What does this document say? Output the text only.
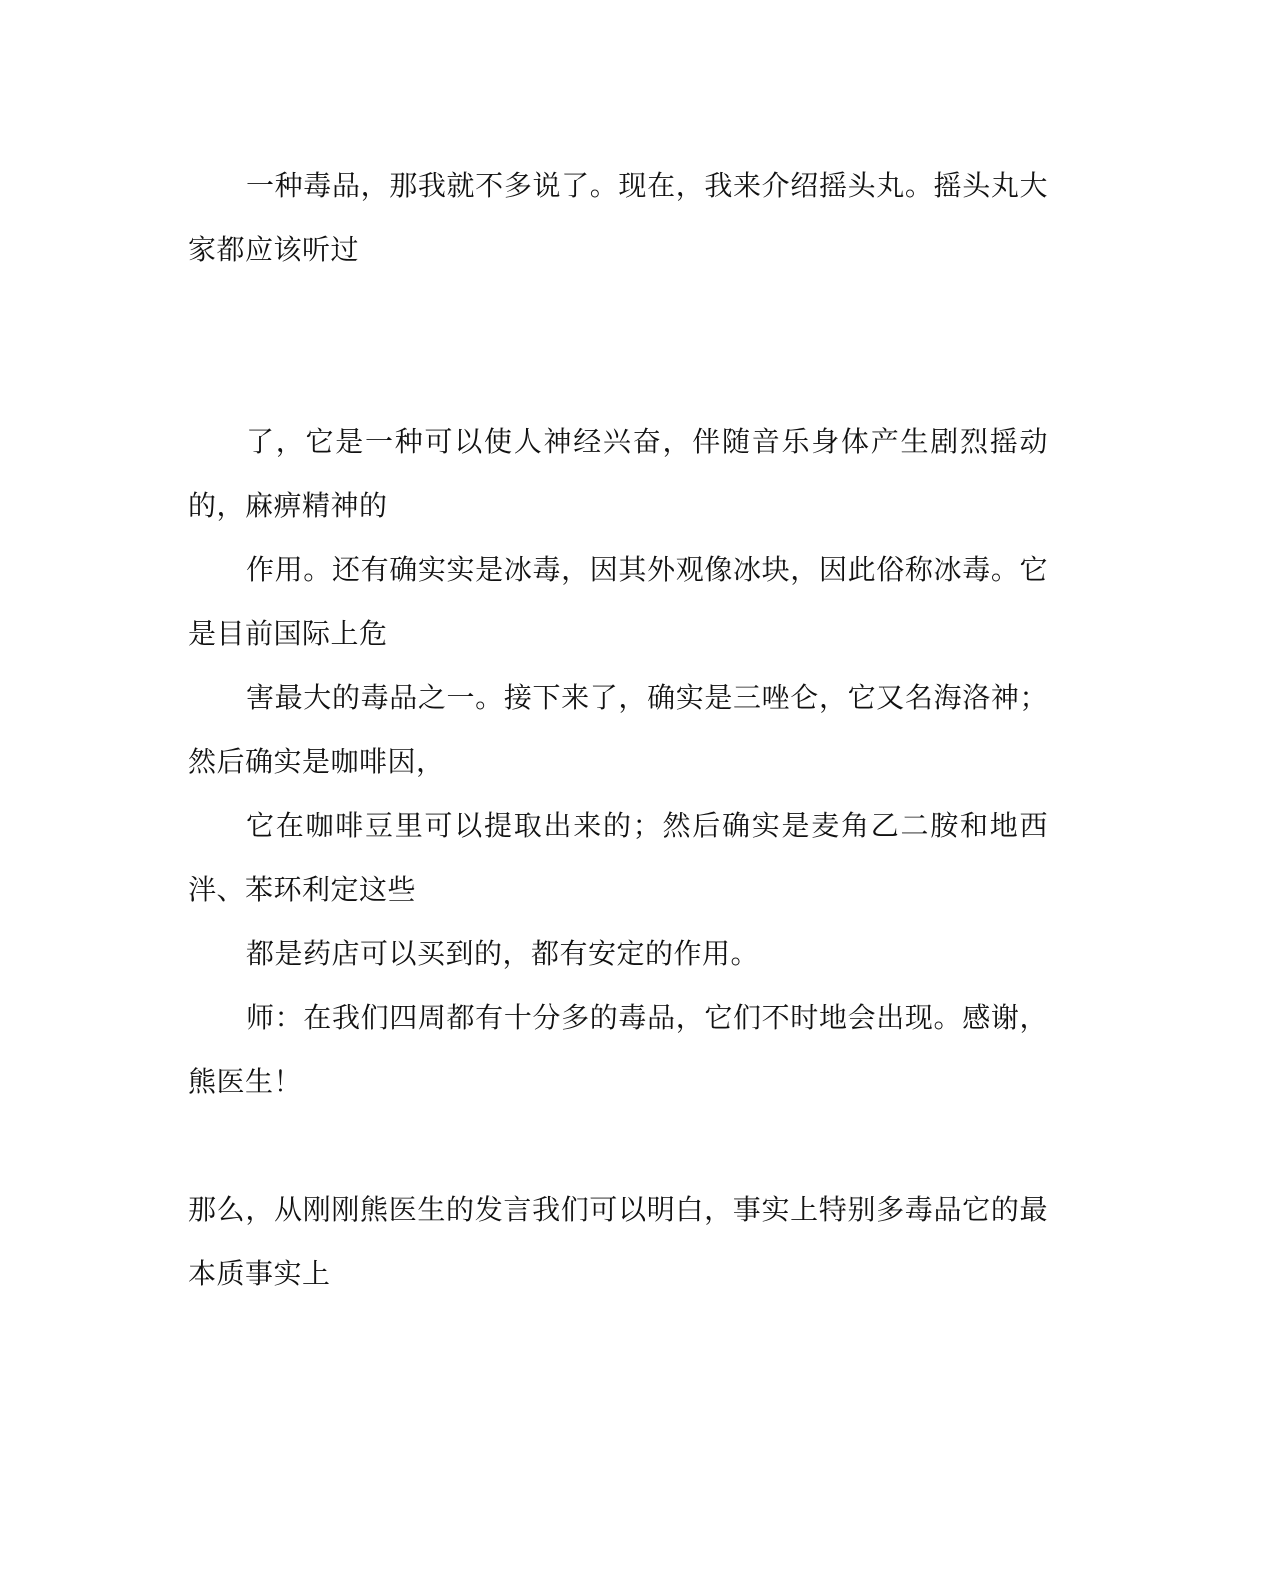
一种毒品，那我就不多说了。现在，我来介绍摇头丸。摇头丸大家都应该听过

了，它是一种可以使人神经兴奋，伴随音乐身体产生剧烈摇动的，麻痹精神的

作用。还有确实实是冰毒，因其外观像冰块，因此俗称冰毒。它是目前国际上危

害最大的毒品之一。接下来了，确实是三唑仑，它又名海洛神；然后确实是咖啡因，

它在咖啡豆里可以提取出来的；然后确实是麦角乙二胺和地西泮、苯环利定这些

都是药店可以买到的，都有安定的作用。

师：在我们四周都有十分多的毒品，它们不时地会出现。感谢，熊医生！

那么，从刚刚熊医生的发言我们可以明白，事实上特别多毒品它的最本质事实上
